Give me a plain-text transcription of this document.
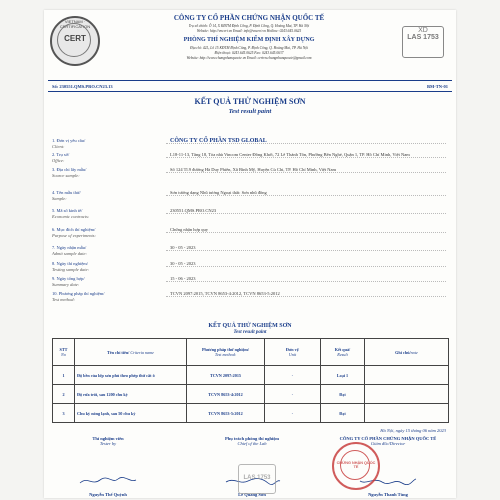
VIETNAM · CERTIFICATION
CERT
CÔNG TY CỔ PHẦN CHỨNG NHẬN QUỐC TẾ
Trụ sở chính: Ô 14, X KĐTM Định Công, P. Định Công, Q. Hoàng Mai, TP. Hà Nội
Website: http://vncert.vn Email: info@vncert.vn Hotline: 0243.645.0625
PHÒNG THÍ NGHIỆM KIỂM ĐỊNH XÂY DỰNG
Địa chỉ: 42L, Lô 15 KĐTM Định Công, P. Định Công, Q. Hoàng Mai, TP. Hà Nội
Điện thoại: 0243.645.0625 Fax: 0243.645.0637
Website: http://www.chungnhanquocte.vn Email: certvn.chungnhanquocte@gmail.com
XD
LAS 1753
Số: 230551.QMS.PRO.CN23.13	BM-TN-01
KẾT QUẢ THỬ NGHIỆM SƠN
Test result paint
1. Đơn vị yêu cầu/
Client:
CÔNG TY CỔ PHẦN TSD GLOBAL
2. Trụ sở/
Office:
L18-11-13, Tầng 18, Tòa nhà Vincom Center Đồng Khởi, 72 Lê Thánh Tôn, Phường Bến Nghé, Quận 1, TP. Hồ Chí Minh, Việt Nam
3. Địa chỉ lấy mẫu/
Source sample:
Số 124 Tl.9 đường Hà Duy Phiên, Xã Bình Mỹ, Huyện Củ Chi, TP. Hồ Chí Minh, Việt Nam
4. Tên mẫu thử/
Sample:
Sơn tường dạng Nhũ tương Ngoại thất: Sơn nhũ đồng
5. Mã số kinh tế/
Economic contracts:
230551.QMS.PRO.CN23
6. Mục đích thí nghiệm/
Purpose of experiments:
Chứng nhận hợp quy
7. Ngày nhận mẫu/
Admit sample date:
30 - 05 - 2023
8. Ngày thí nghiệm/
Testing sample date:
30 - 05 - 2023
9. Ngày tổng hợp/
Summary date:
15 - 06 - 2023
10. Phương pháp thí nghiệm/
Test method:
TCVN 2097:2015, TCVN 8653-4:2012, TCVN 8653-5:2012
KẾT QUẢ THỬ NGHIỆM SƠN
Test result paint
STT
No	Tên chỉ tiêu/ Criteria name	Phương pháp thử nghiệm/
Test method:	Đơn vị/
Unit	Kết quả/
Result	Ghi chú/note
1	Độ bền của lớp sơn phủ theo phép thử cắt ô	TCVN 2097:2015	-	Loại 1	
2	Độ rửa trôi, sau 1200 chu kỳ	TCVN 8653-4:2012	-	Đạt	
3	Chu kỳ nóng lạnh, sau 50 chu kỳ	TCVN 8653-5:2012	-	Đạt	
Hà Nội, ngày 15 tháng 06 năm 2023
Thí nghiệm viên
Tester by
Nguyễn Thế Quỳnh
Phụ trách phòng thí nghiệm
Chief of the Lab
Lê Quang Sơn
CÔNG TY CỔ PHẦN CHỨNG NHẬN QUỐC TẾ
Giám đốc/Director
Nguyễn Thanh Tùng
LAS 1753
CHỨNG NHẬN QUỐC TẾ
